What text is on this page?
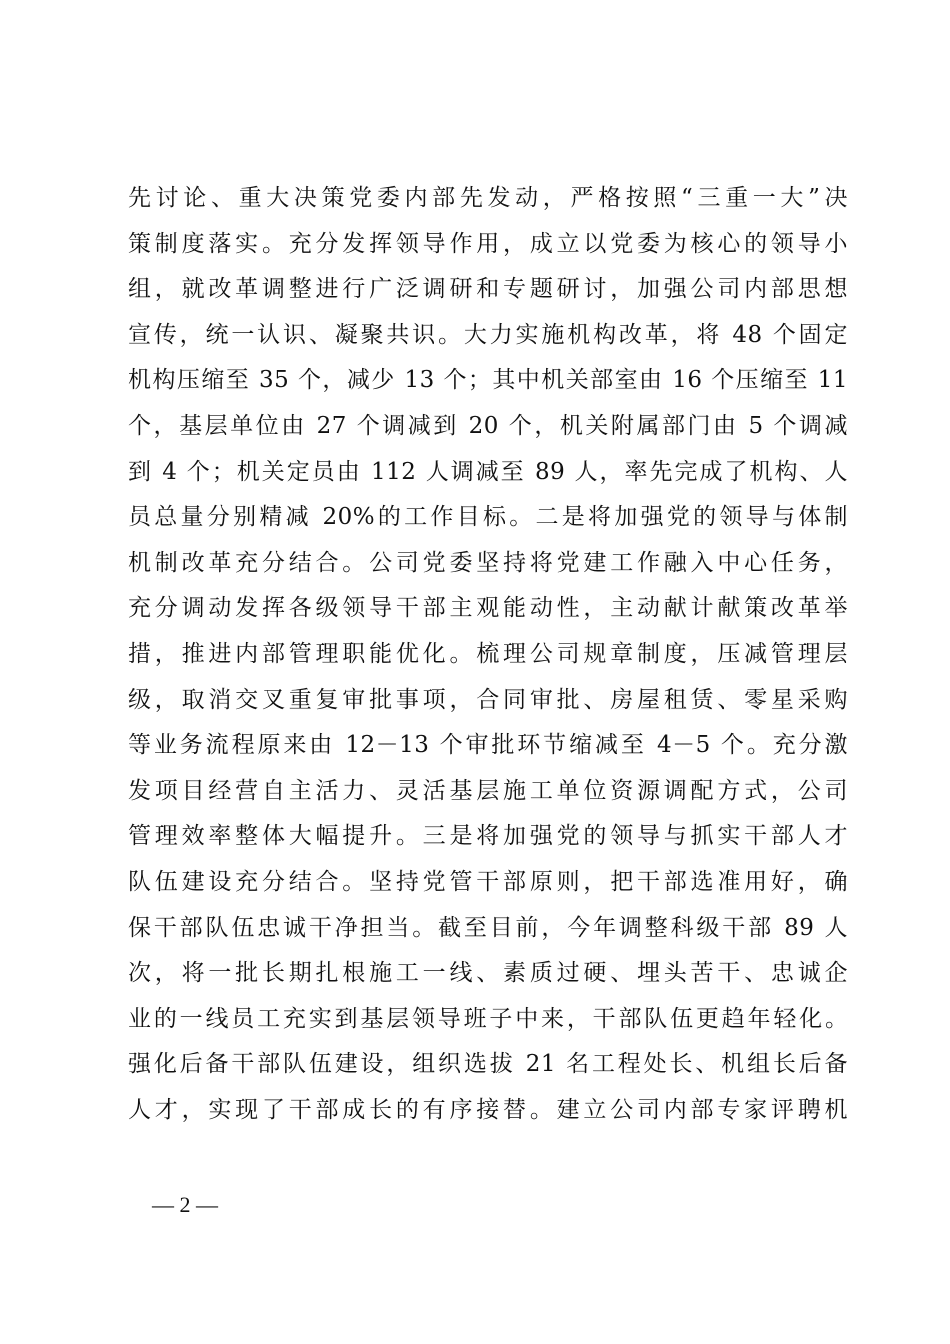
先讨论、重大决策党委内部先发动，严格按照“三重一大”决
策制度落实。充分发挥领导作用，成立以党委为核心的领导小
组，就改革调整进行广泛调研和专题研讨，加强公司内部思想
宣传，统一认识、凝聚共识。大力实施机构改革，将 48 个固定
机构压缩至 35 个，减少 13 个；其中机关部室由 16 个压缩至 11
个，基层单位由 27 个调减到 20 个，机关附属部门由 5 个调减
到 4 个；机关定员由 112 人调减至 89 人，率先完成了机构、人
员总量分别精减 20%的工作目标。二是将加强党的领导与体制
机制改革充分结合。公司党委坚持将党建工作融入中心任务，
充分调动发挥各级领导干部主观能动性，主动献计献策改革举
措，推进内部管理职能优化。梳理公司规章制度，压减管理层
级，取消交叉重复审批事项，合同审批、房屋租赁、零星采购
等业务流程原来由 12－13 个审批环节缩减至 4－5 个。充分激
发项目经营自主活力、灵活基层施工单位资源调配方式，公司
管理效率整体大幅提升。三是将加强党的领导与抓实干部人才
队伍建设充分结合。坚持党管干部原则，把干部选准用好，确
保干部队伍忠诚干净担当。截至目前，今年调整科级干部 89 人
次，将一批长期扎根施工一线、素质过硬、埋头苦干、忠诚企
业的一线员工充实到基层领导班子中来，干部队伍更趋年轻化。
强化后备干部队伍建设，组织选拔 21 名工程处长、机组长后备
人才，实现了干部成长的有序接替。建立公司内部专家评聘机
— 2 —
